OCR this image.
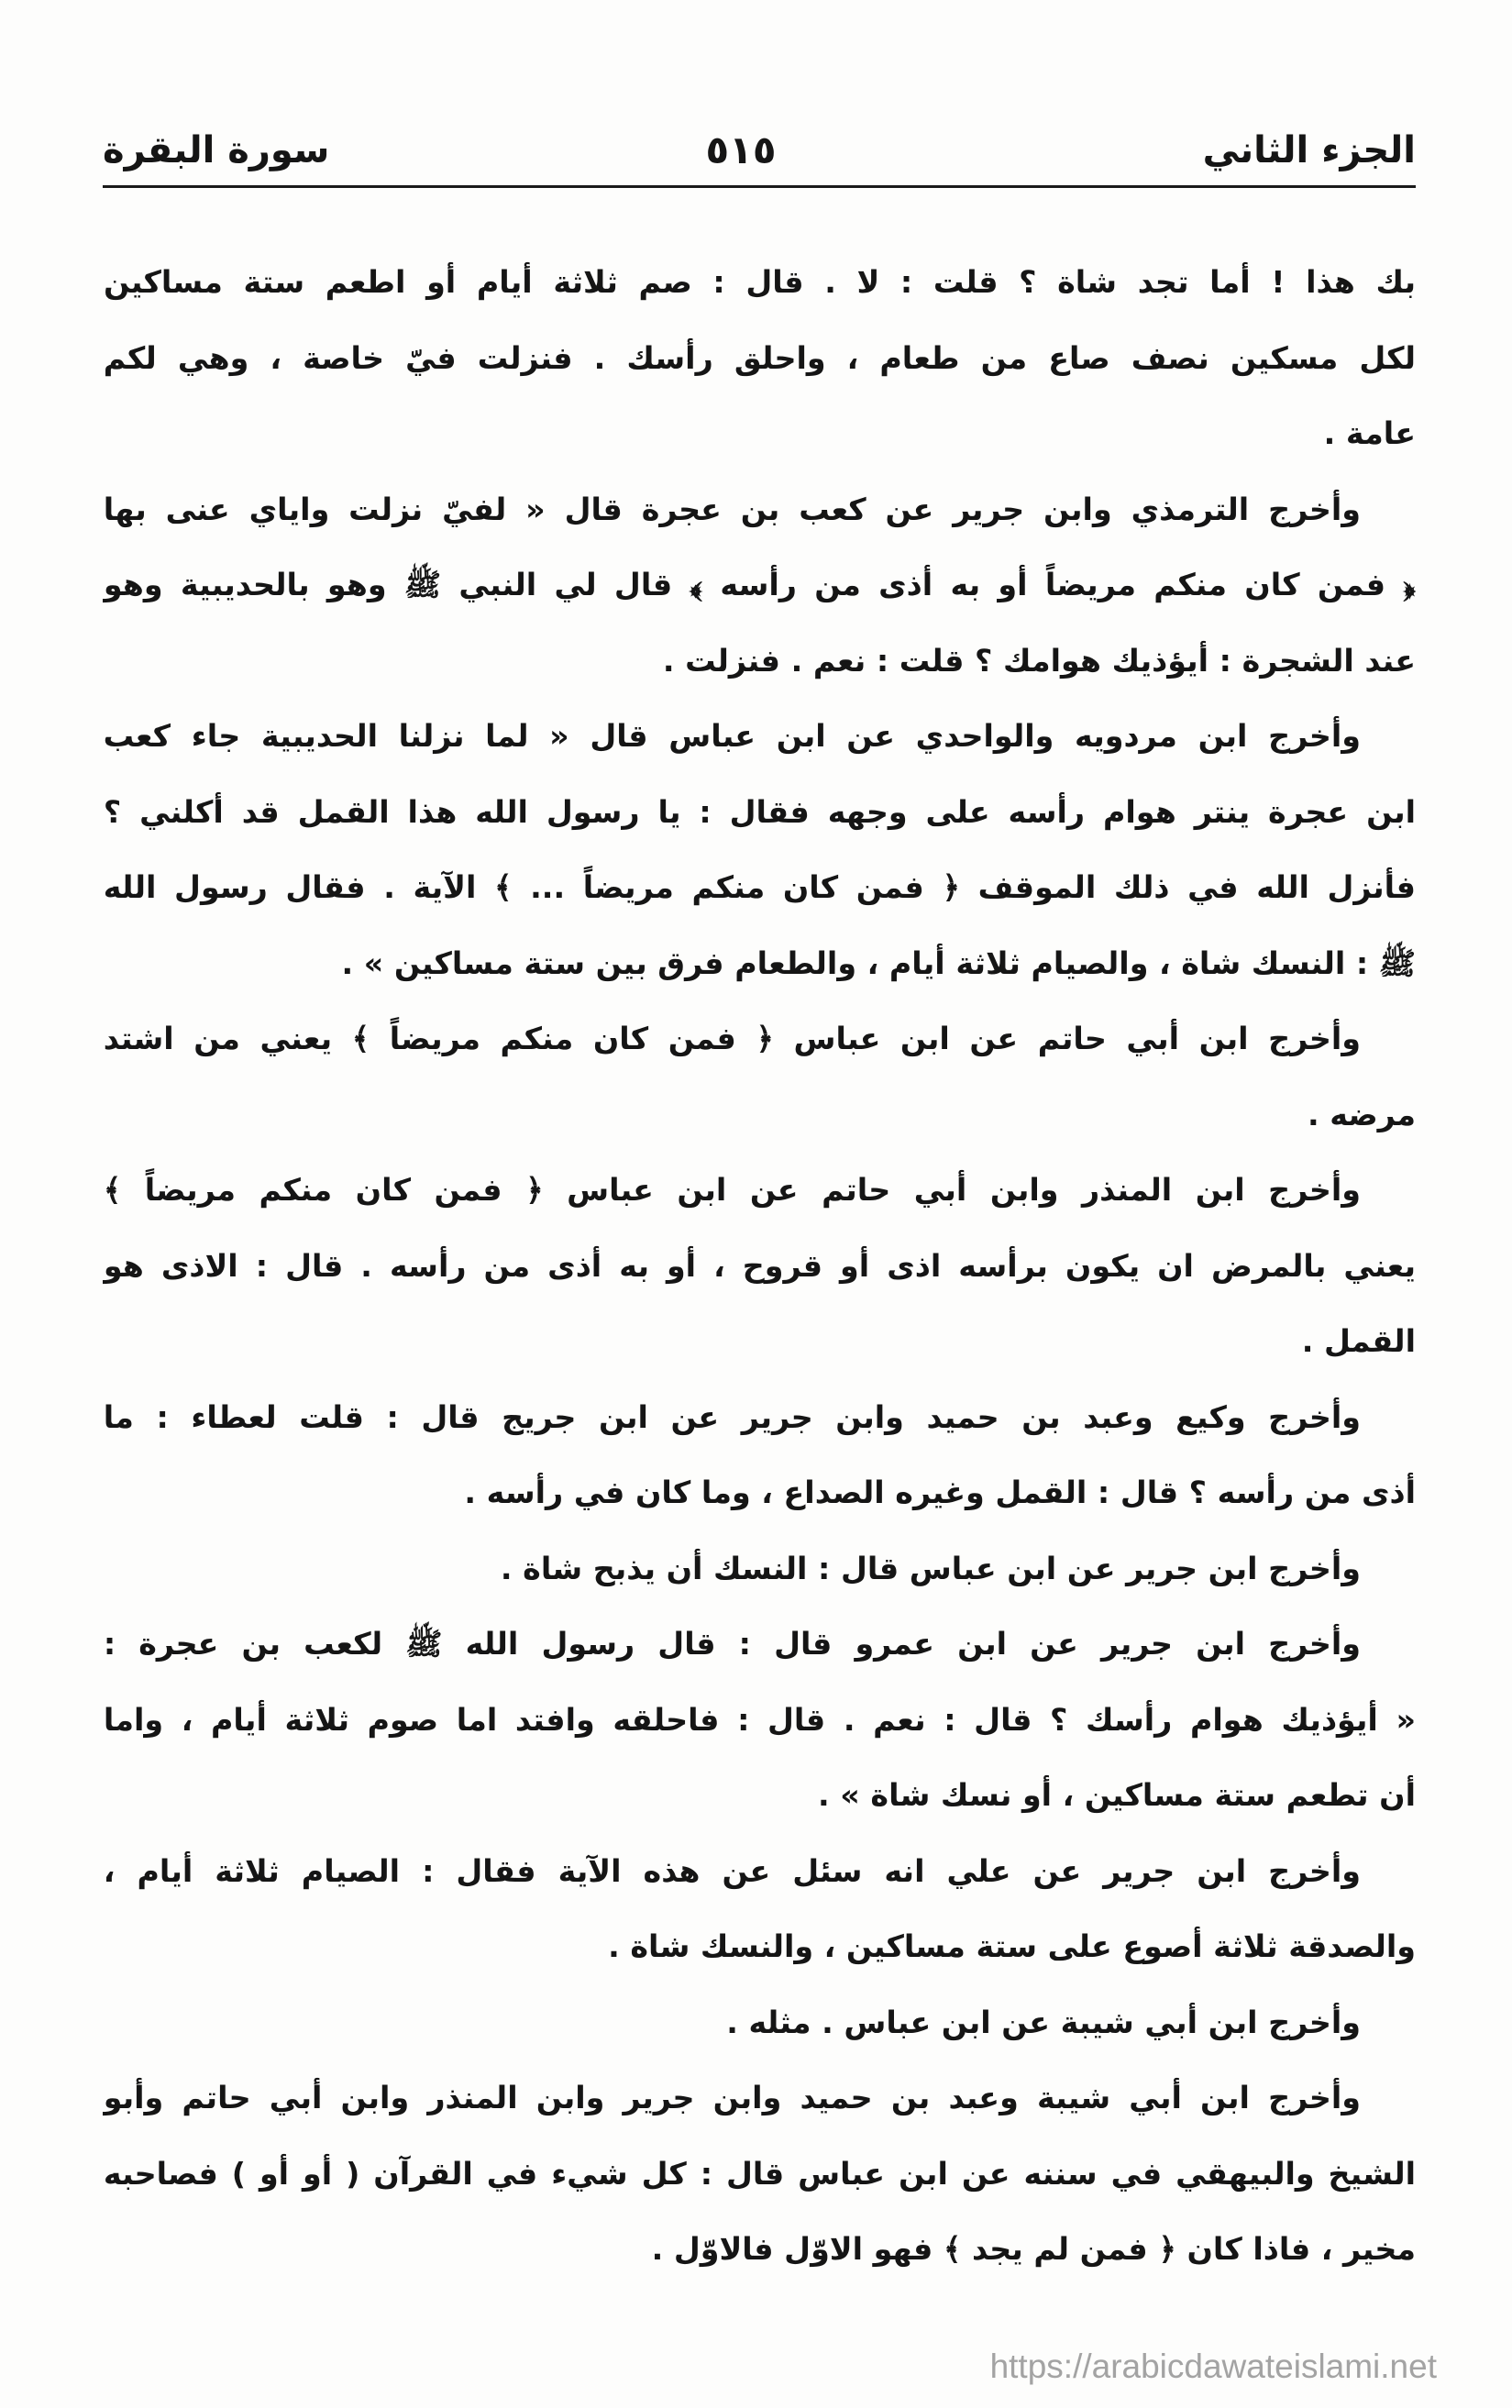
الجزء الثاني
٥١٥
سورة البقرة
بك هذا ! أما تجد شاة ؟ قلت : لا . قال : صم ثلاثة أيام أو اطعم ستة مساكين
لكل مسكين نصف صاع من طعام ، واحلق رأسك . فنزلت فيّ خاصة ، وهي لكم
عامة .
وأخرج الترمذي وابن جرير عن كعب بن عجرة قال « لفيّ نزلت واياي عنى بها
﴿ فمن كان منكم مريضاً أو به أذى من رأسه ﴾ قال لي النبي ﷺ وهو بالحديبية وهو
عند الشجرة : أيؤذيك هوامك ؟ قلت : نعم . فنزلت .
وأخرج ابن مردويه والواحدي عن ابن عباس قال « لما نزلنا الحديبية جاء كعب
ابن عجرة ينتر هوام رأسه على وجهه فقال : يا رسول الله هذا القمل قد أكلني ؟
فأنزل الله في ذلك الموقف ﴿ فمن كان منكم مريضاً ... ﴾ الآية . فقال رسول الله
ﷺ : النسك شاة ، والصيام ثلاثة أيام ، والطعام فرق بين ستة مساكين » .
وأخرج ابن أبي حاتم عن ابن عباس ﴿ فمن كان منكم مريضاً ﴾ يعني من اشتد
مرضه .
وأخرج ابن المنذر وابن أبي حاتم عن ابن عباس ﴿ فمن كان منكم مريضاً ﴾
يعني بالمرض ان يكون برأسه اذى أو قروح ، أو به أذى من رأسه . قال : الاذى هو
القمل .
وأخرج وكيع وعبد بن حميد وابن جرير عن ابن جريج قال : قلت لعطاء : ما
أذى من رأسه ؟ قال : القمل وغيره الصداع ، وما كان في رأسه .
وأخرج ابن جرير عن ابن عباس قال : النسك أن يذبح شاة .
وأخرج ابن جرير عن ابن عمرو قال : قال رسول الله ﷺ لكعب بن عجرة :
« أيؤذيك هوام رأسك ؟ قال : نعم . قال : فاحلقه وافتد اما صوم ثلاثة أيام ، واما
أن تطعم ستة مساكين ، أو نسك شاة » .
وأخرج ابن جرير عن علي انه سئل عن هذه الآية فقال : الصيام ثلاثة أيام ،
والصدقة ثلاثة أصوع على ستة مساكين ، والنسك شاة .
وأخرج ابن أبي شيبة عن ابن عباس . مثله .
وأخرج ابن أبي شيبة وعبد بن حميد وابن جرير وابن المنذر وابن أبي حاتم وأبو
الشيخ والبيهقي في سننه عن ابن عباس قال : كل شيء في القرآن ( أو أو ) فصاحبه
مخير ، فاذا كان ﴿ فمن لم يجد ﴾ فهو الاوّل فالاوّل .
https://arabicdawateislami.net
